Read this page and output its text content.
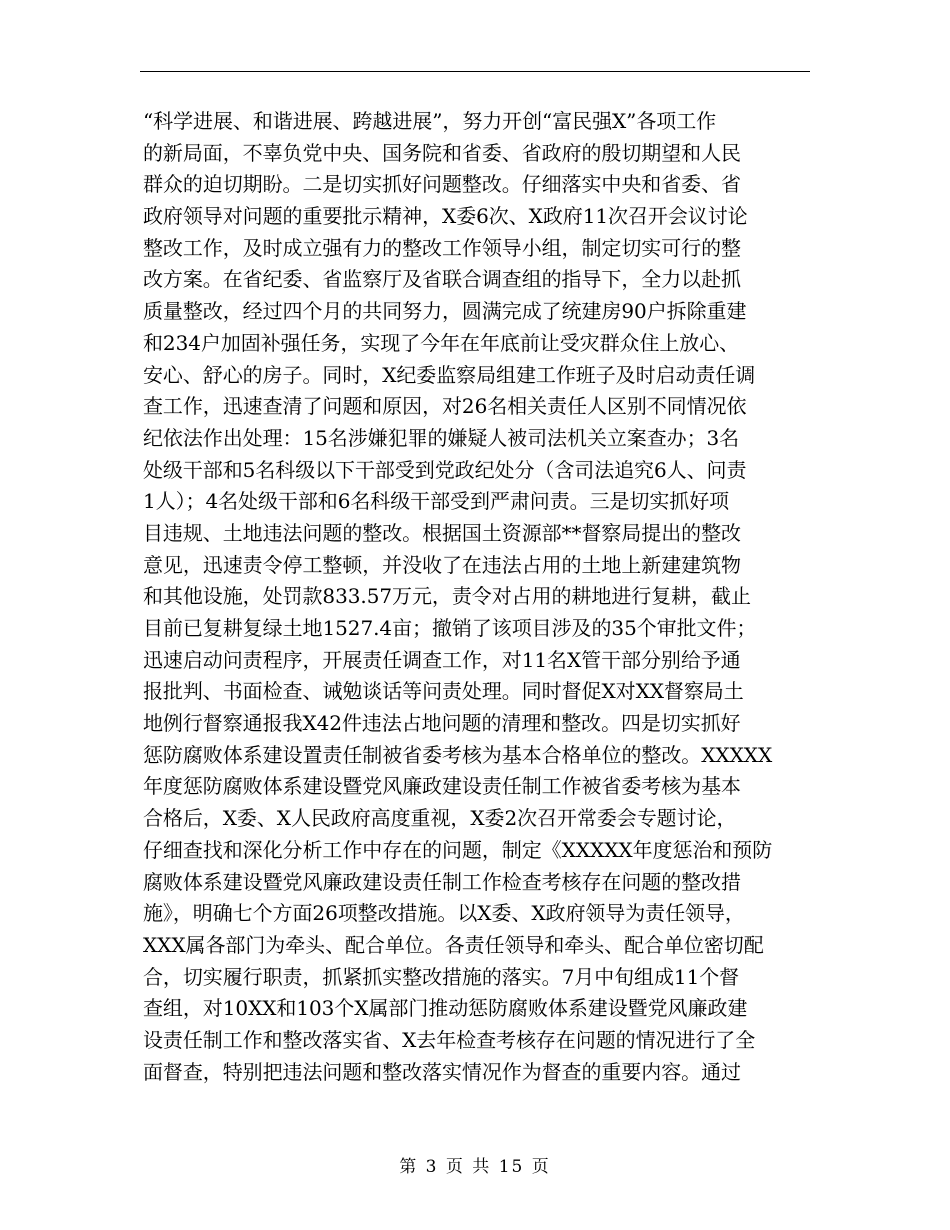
“科学进展、和谐进展、跨越进展”，努力开创“富民强X”各项工作
的新局面，不辜负党中央、国务院和省委、省政府的殷切期望和人民
群众的迫切期盼。二是切实抓好问题整改。仔细落实中央和省委、省
政府领导对问题的重要批示精神，X委6次、X政府11次召开会议讨论
整改工作，及时成立强有力的整改工作领导小组，制定切实可行的整
改方案。在省纪委、省监察厅及省联合调查组的指导下，全力以赴抓
质量整改，经过四个月的共同努力，圆满完成了统建房90户拆除重建
和234户加固补强任务，实现了今年在年底前让受灾群众住上放心、
安心、舒心的房子。同时，X纪委监察局组建工作班子及时启动责任调
查工作，迅速查清了问题和原因，对26名相关责任人区别不同情况依
纪依法作出处理：15名涉嫌犯罪的嫌疑人被司法机关立案查办；3名
处级干部和5名科级以下干部受到党政纪处分（含司法追究6人、问责
1人）；4名处级干部和6名科级干部受到严肃问责。三是切实抓好项
目违规、土地违法问题的整改。根据国土资源部**督察局提出的整改
意见，迅速责令停工整顿，并没收了在违法占用的土地上新建建筑物
和其他设施，处罚款833.57万元，责令对占用的耕地进行复耕，截止
目前已复耕复绿土地1527.4亩；撤销了该项目涉及的35个审批文件；
迅速启动问责程序，开展责任调查工作，对11名X管干部分别给予通
报批判、书面检查、诫勉谈话等问责处理。同时督促X对XX督察局土
地例行督察通报我X42件违法占地问题的清理和整改。四是切实抓好
惩防腐败体系建设置责任制被省委考核为基本合格单位的整改。XXXXX
年度惩防腐败体系建设暨党风廉政建设责任制工作被省委考核为基本
合格后，X委、X人民政府高度重视，X委2次召开常委会专题讨论，
仔细查找和深化分析工作中存在的问题，制定《XXXXX年度惩治和预防
腐败体系建设暨党风廉政建设责任制工作检查考核存在问题的整改措
施》，明确七个方面26项整改措施。以X委、X政府领导为责任领导，
XXX属各部门为牵头、配合单位。各责任领导和牵头、配合单位密切配
合，切实履行职责，抓紧抓实整改措施的落实。7月中旬组成11个督
查组，对10XX和103个X属部门推动惩防腐败体系建设暨党风廉政建
设责任制工作和整改落实省、X去年检查考核存在问题的情况进行了全
面督查，特别把违法问题和整改落实情况作为督查的重要内容。通过
第 3 页 共 15 页
